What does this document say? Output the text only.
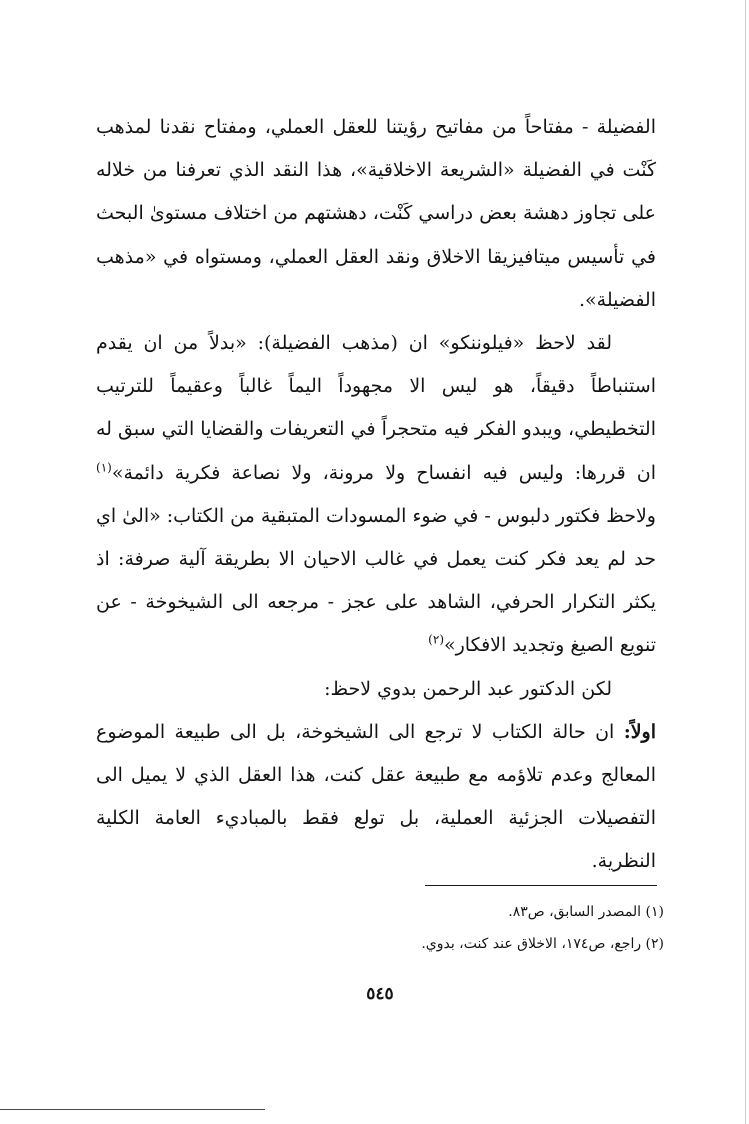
الفضيلة - مفتاحاً من مفاتيح رؤيتنا للعقل العملي، ومفتاح نقدنا لمذهب كَنْت في الفضيلة «الشريعة الاخلاقية»، هذا النقد الذي تعرفنا من خلاله على تجاوز دهشة بعض دراسي كَنْت، دهشتهم من اختلاف مستوىٰ البحث في تأسيس ميتافيزيقا الاخلاق ونقد العقل العملي، ومستواه في «مذهب الفضيلة».

لقد لاحظ «فيلوننكو» ان (مذهب الفضيلة): «بدلاً من ان يقدم استنباطاً دقيقاً، هو ليس الا مجهوداً اليماً غالباً وعقيماً للترتيب التخطيطي، ويبدو الفكر فيه متحجراً في التعريفات والقضايا التي سبق له ان قررها: وليس فيه انفساح ولا مرونة، ولا نصاعة فكرية دائمة»$^{(١)}$ ولاحظ فكتور دلبوس - في ضوء المسودات المتبقية من الكتاب: «الىٰ اي حد لم يعد فكر كنت يعمل في غالب الاحيان الا بطريقة آلية صرفة: اذ يكثر التكرار الحرفي، الشاهد على عجز - مرجعه الى الشيخوخة - عن تنويع الصيغ وتجديد الافكار»$^{(٢)}$

لكن الدكتور عبد الرحمن بدوي لاحظ:

اولاً: ان حالة الكتاب لا ترجع الى الشيخوخة، بل الى طبيعة الموضوع المعالج وعدم تلاؤمه مع طبيعة عقل كنت، هذا العقل الذي لا يميل الى التفصيلات الجزئية العملية، بل تولع فقط بالمباديء العامة الكلية النظرية.

(١) المصدر السابق، ص٨٣.

(٢) راجع، ص١٧٤، الاخلاق عند كنت، بدوي.

٥٤٥
